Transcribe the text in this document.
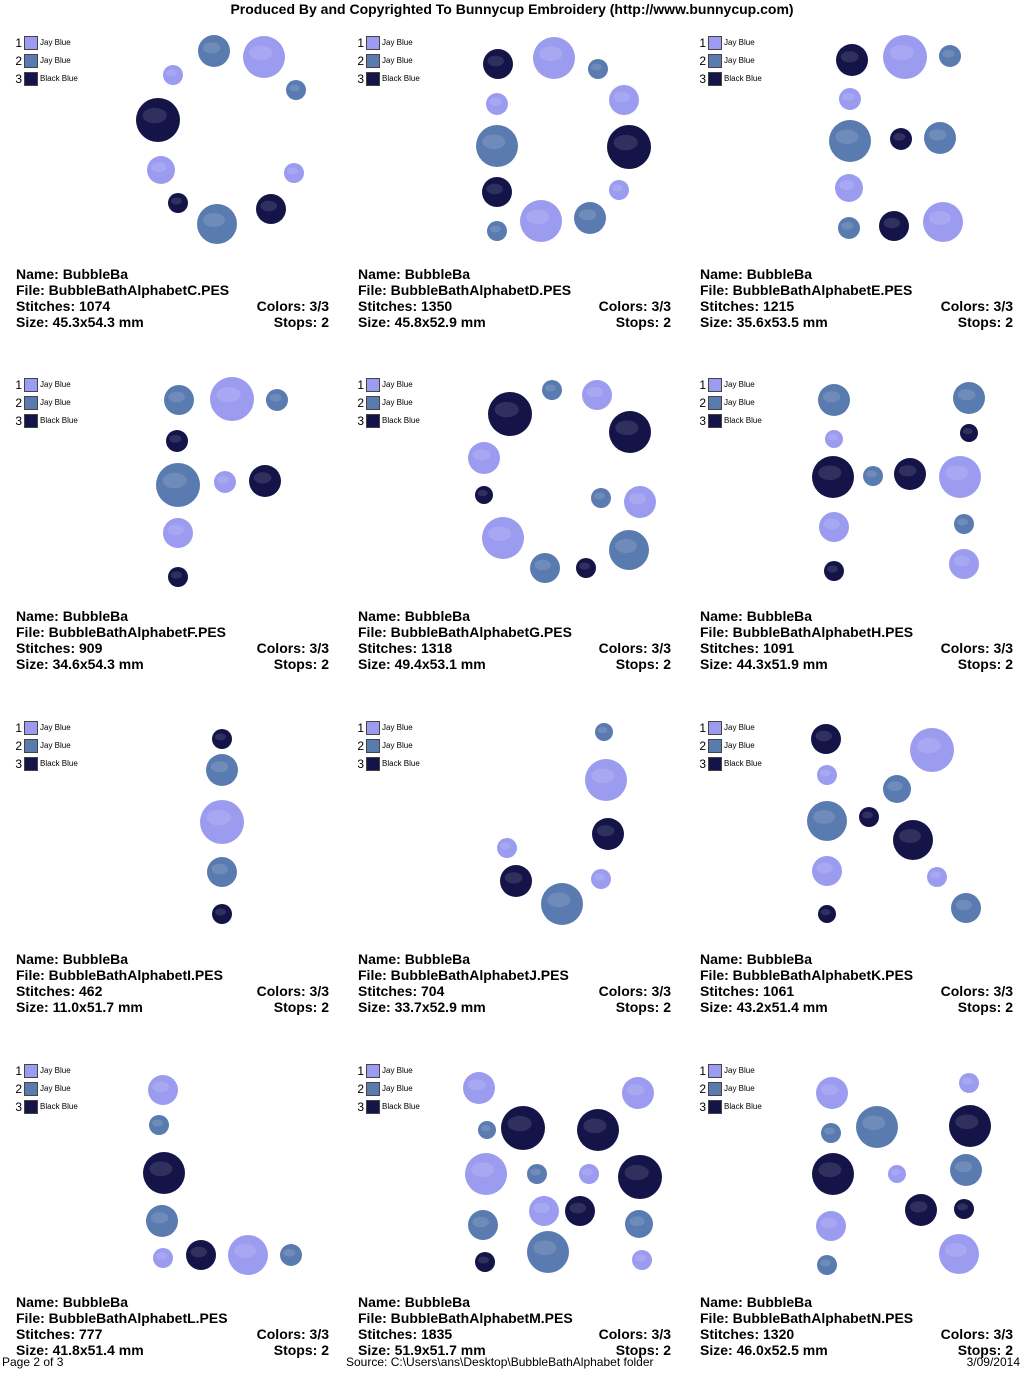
Produced By and Copyrighted To Bunnycup Embroidery (http://www.bunnycup.com)
1 Jay Blue
2 Jay Blue
3 Black Blue
Name: BubbleBa
File: BubbleBathAlphabetC.PES
Stitches: 1074	Colors: 3/3
Size: 45.3x54.3 mm	Stops: 2
1 Jay Blue
2 Jay Blue
3 Black Blue
Name: BubbleBa
File: BubbleBathAlphabetD.PES
Stitches: 1350	Colors: 3/3
Size: 45.8x52.9 mm	Stops: 2
1 Jay Blue
2 Jay Blue
3 Black Blue
Name: BubbleBa
File: BubbleBathAlphabetE.PES
Stitches: 1215	Colors: 3/3
Size: 35.6x53.5 mm	Stops: 2
1 Jay Blue
2 Jay Blue
3 Black Blue
Name: BubbleBa
File: BubbleBathAlphabetF.PES
Stitches: 909	Colors: 3/3
Size: 34.6x54.3 mm	Stops: 2
1 Jay Blue
2 Jay Blue
3 Black Blue
Name: BubbleBa
File: BubbleBathAlphabetG.PES
Stitches: 1318	Colors: 3/3
Size: 49.4x53.1 mm	Stops: 2
1 Jay Blue
2 Jay Blue
3 Black Blue
Name: BubbleBa
File: BubbleBathAlphabetH.PES
Stitches: 1091	Colors: 3/3
Size: 44.3x51.9 mm	Stops: 2
1 Jay Blue
2 Jay Blue
3 Black Blue
Name: BubbleBa
File: BubbleBathAlphabetI.PES
Stitches: 462	Colors: 3/3
Size: 11.0x51.7 mm	Stops: 2
1 Jay Blue
2 Jay Blue
3 Black Blue
Name: BubbleBa
File: BubbleBathAlphabetJ.PES
Stitches: 704	Colors: 3/3
Size: 33.7x52.9 mm	Stops: 2
1 Jay Blue
2 Jay Blue
3 Black Blue
Name: BubbleBa
File: BubbleBathAlphabetK.PES
Stitches: 1061	Colors: 3/3
Size: 43.2x51.4 mm	Stops: 2
1 Jay Blue
2 Jay Blue
3 Black Blue
Name: BubbleBa
File: BubbleBathAlphabetL.PES
Stitches: 777	Colors: 3/3
Size: 41.8x51.4 mm	Stops: 2
1 Jay Blue
2 Jay Blue
3 Black Blue
Name: BubbleBa
File: BubbleBathAlphabetM.PES
Stitches: 1835	Colors: 3/3
Size: 51.9x51.7 mm	Stops: 2
1 Jay Blue
2 Jay Blue
3 Black Blue
Name: BubbleBa
File: BubbleBathAlphabetN.PES
Stitches: 1320	Colors: 3/3
Size: 46.0x52.5 mm	Stops: 2
Page 2 of 3	Source: C:\Users\ans\Desktop\BubbleBathAlphabet folder	3/09/2014
